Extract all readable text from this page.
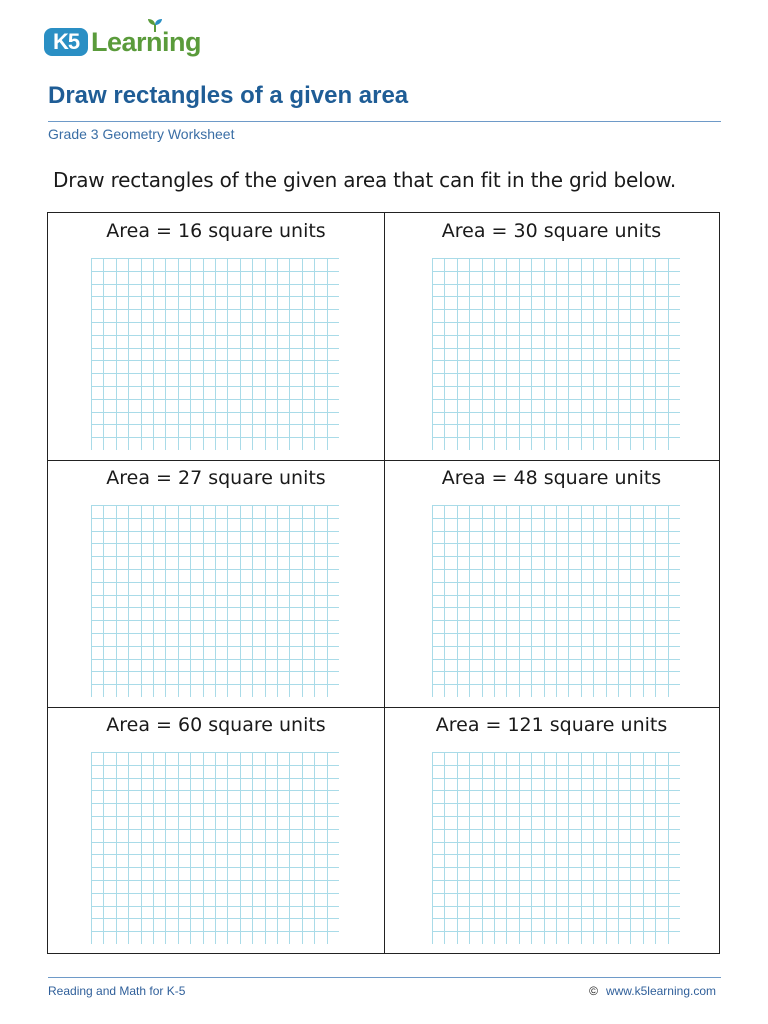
K5 Learning
Draw rectangles of a given area
Grade 3 Geometry Worksheet
Draw rectangles of the given area that can fit in the grid below.
Area = 16 square units	Area = 30 square units
Area = 27 square units	Area = 48 square units
Area = 60 square units	Area = 121 square units
Reading and Math for K-5	© www.k5learning.com
